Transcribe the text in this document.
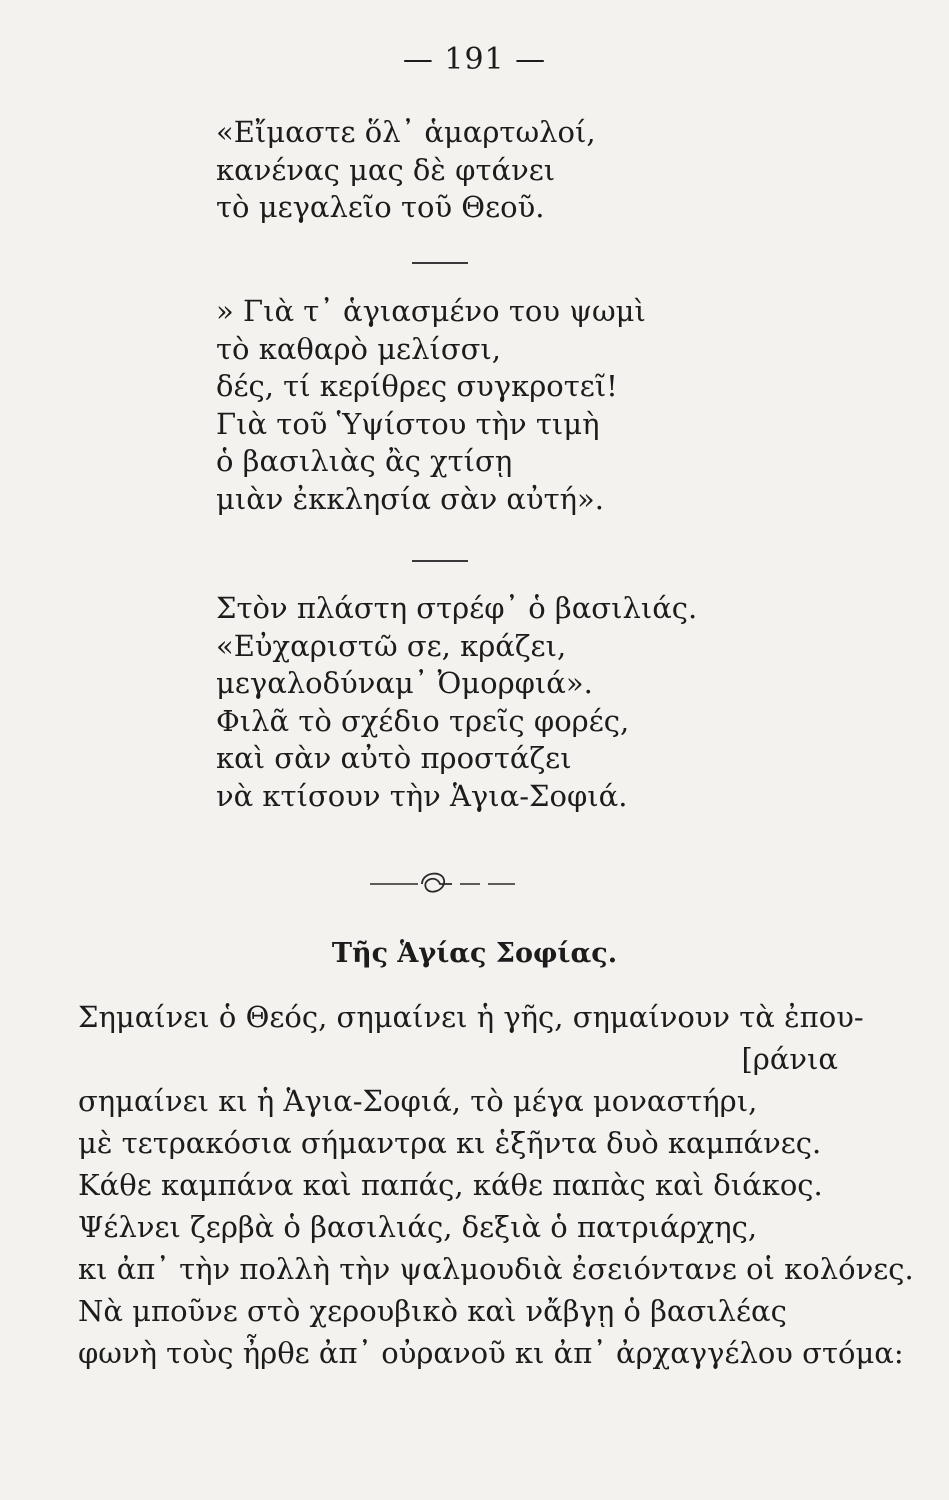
— 191 —
«Εἴμαστε ὅλ᾿ ἁμαρτωλοί,
κανένας μας δὲ φτάνει
τὸ μεγαλεῖο τοῦ Θεοῦ.
» Γιὰ τ᾿ ἁγιασμένο του ψωμὶ
τὸ καθαρὸ μελίσσι,
δές, τί κερίθρες συγκροτεῖ!
Γιὰ τοῦ Ὑψίστου τὴν τιμὴ
ὁ βασιλιὰς ἂς χτίσῃ
μιὰν ἐκκλησία σὰν αὐτή».
Στὸν πλάστη στρέφ᾿ ὁ βασιλιάς.
«Εὐχαριστῶ σε, κράζει,
μεγαλοδύναμ᾿ Ὀμορφιά».
Φιλᾶ τὸ σχέδιο τρεῖς φορές,
καὶ σὰν αὐτὸ προστάζει
νὰ κτίσουν τὴν Ἁγια-Σοφιά.
Τῆς Ἁγίας Σοφίας.
Σημαίνει ὁ Θεός, σημαίνει ἡ γῆς, σημαίνουν τὰ ἐπου-
[ράνια
σημαίνει κι ἡ Ἁγια-Σοφιά, τὸ μέγα μοναστήρι,
μὲ τετρακόσια σήμαντρα κι ἑξῆντα δυὸ καμπάνες.
Κάθε καμπάνα καὶ παπάς, κάθε παπὰς καὶ διάκος.
Ψέλνει ζερβὰ ὁ βασιλιάς, δεξιὰ ὁ πατριάρχης,
κι ἀπ᾿ τὴν πολλὴ τὴν ψαλμουδιὰ ἐσειόντανε οἱ κολόνες.
Νὰ μποῦνε στὸ χερουβικὸ καὶ νἄβγῃ ὁ βασιλέας
φωνὴ τοὺς ἦρθε ἀπ᾿ οὐρανοῦ κι ἀπ᾿ ἀρχαγγέλου στόμα:
